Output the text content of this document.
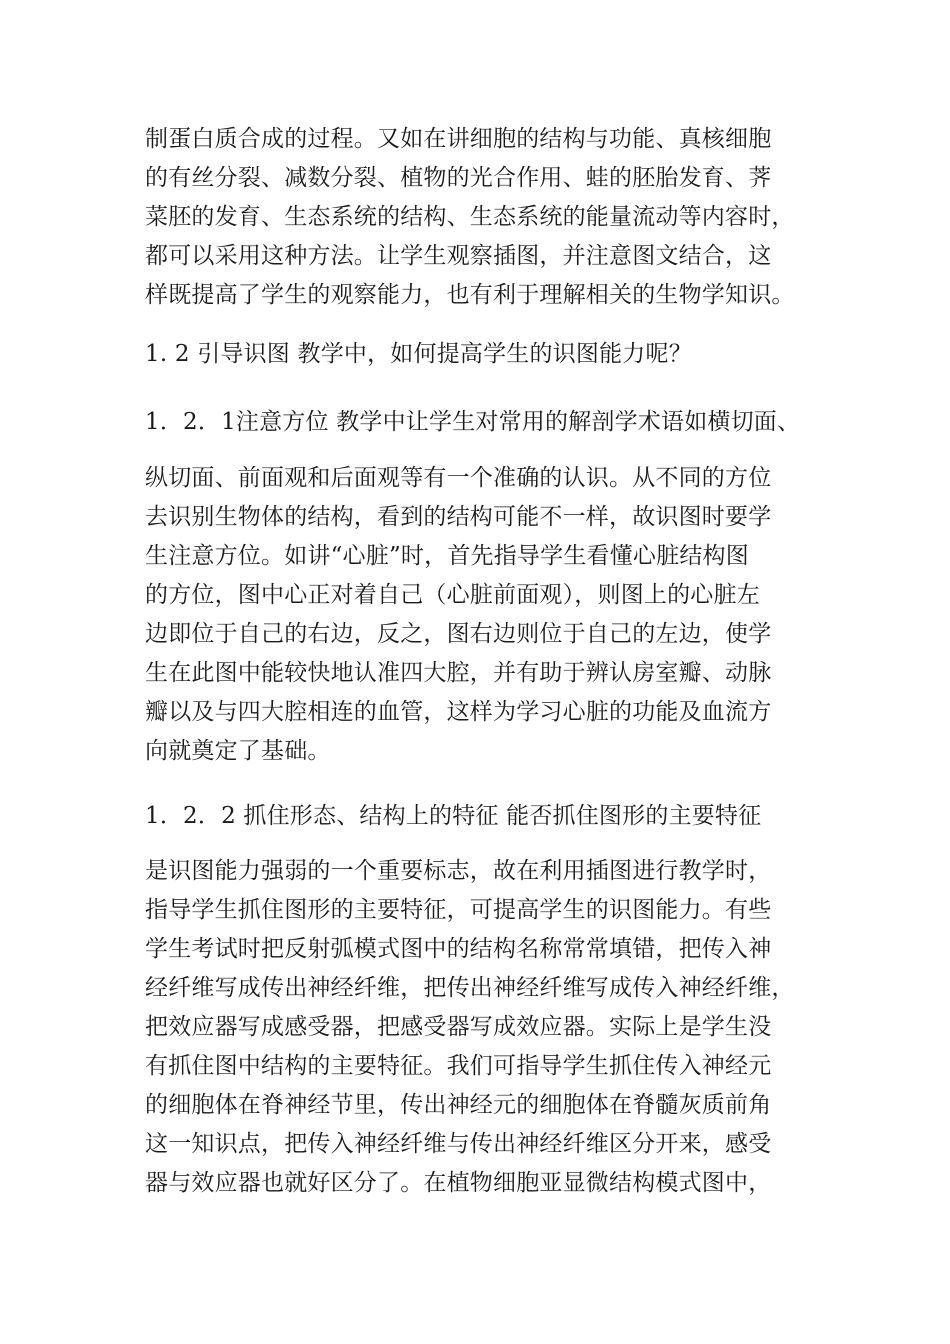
制蛋白质合成的过程。又如在讲细胞的结构与功能、真核细胞
的有丝分裂、减数分裂、植物的光合作用、蛙的胚胎发育、荠
菜胚的发育、生态系统的结构、生态系统的能量流动等内容时，
都可以采用这种方法。让学生观察插图，并注意图文结合，这
样既提高了学生的观察能力，也有利于理解相关的生物学知识。
1. 2 引导识图 教学中，如何提高学生的识图能力呢？
1．2．1注意方位 教学中让学生对常用的解剖学术语如横切面、
纵切面、前面观和后面观等有一个准确的认识。从不同的方位
去识别生物体的结构，看到的结构可能不一样，故识图时要学
生注意方位。如讲“心脏”时，首先指导学生看懂心脏结构图
的方位，图中心正对着自己（心脏前面观），则图上的心脏左
边即位于自己的右边，反之，图右边则位于自己的左边，使学
生在此图中能较快地认准四大腔，并有助于辨认房室瓣、动脉
瓣以及与四大腔相连的血管，这样为学习心脏的功能及血流方
向就奠定了基础。
1．2．2 抓住形态、结构上的特征 能否抓住图形的主要特征
是识图能力强弱的一个重要标志，故在利用插图进行教学时，
指导学生抓住图形的主要特征，可提高学生的识图能力。有些
学生考试时把反射弧模式图中的结构名称常常填错，把传入神
经纤维写成传出神经纤维，把传出神经纤维写成传入神经纤维，
把效应器写成感受器，把感受器写成效应器。实际上是学生没
有抓住图中结构的主要特征。我们可指导学生抓住传入神经元
的细胞体在脊神经节里，传出神经元的细胞体在脊髓灰质前角
这一知识点，把传入神经纤维与传出神经纤维区分开来，感受
器与效应器也就好区分了。在植物细胞亚显微结构模式图中，
